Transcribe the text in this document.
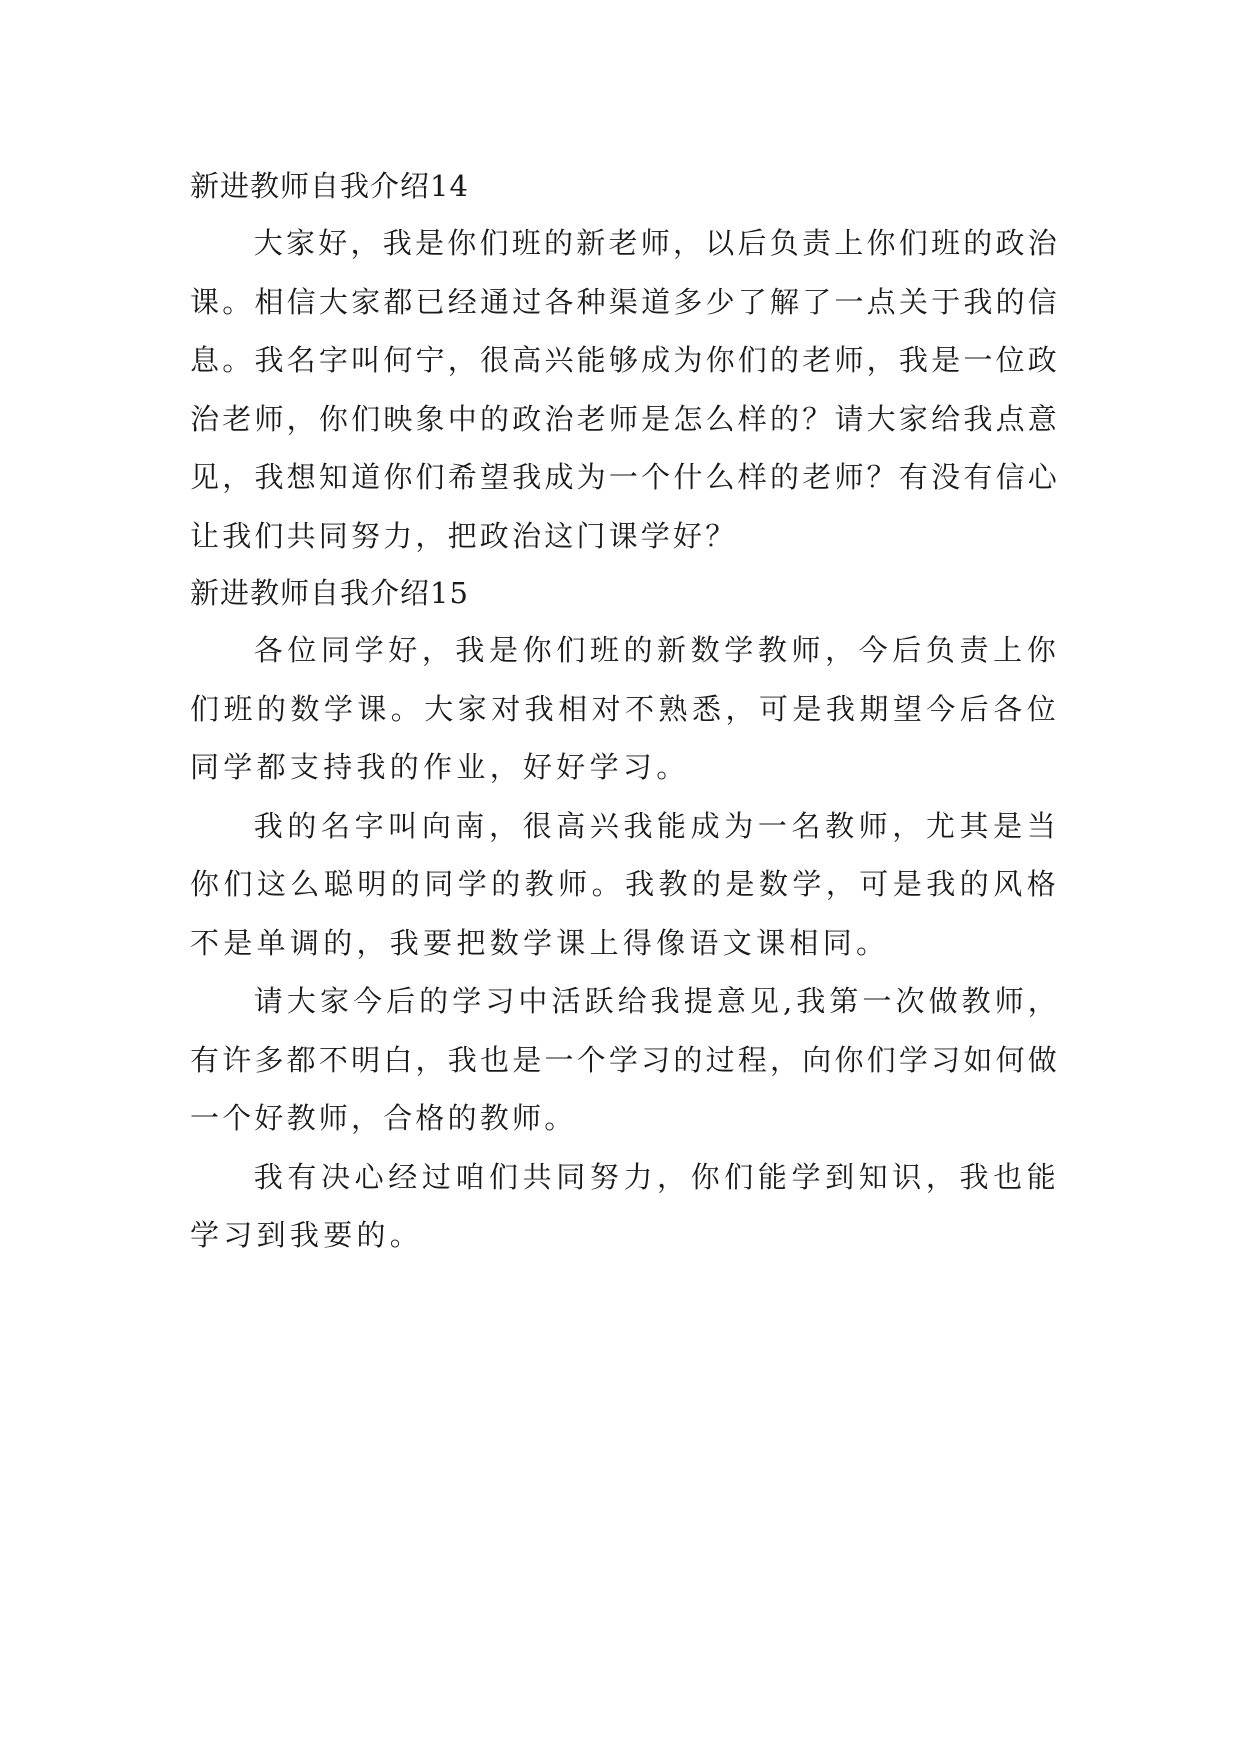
新进教师自我介绍14

大家好，我是你们班的新老师，以后负责上你们班的政治课。相信大家都已经通过各种渠道多少了解了一点关于我的信息。我名字叫何宁，很高兴能够成为你们的老师，我是一位政治老师，你们映象中的政治老师是怎么样的？请大家给我点意见，我想知道你们希望我成为一个什么样的老师？有没有信心让我们共同努力，把政治这门课学好？

新进教师自我介绍15

各位同学好，我是你们班的新数学教师，今后负责上你们班的数学课。大家对我相对不熟悉，可是我期望今后各位同学都支持我的作业，好好学习。

我的名字叫向南，很高兴我能成为一名教师，尤其是当你们这么聪明的同学的教师。我教的是数学，可是我的风格不是单调的，我要把数学课上得像语文课相同。

请大家今后的学习中活跃给我提意见,我第一次做教师，有许多都不明白，我也是一个学习的过程，向你们学习如何做一个好教师，合格的教师。

我有决心经过咱们共同努力，你们能学到知识，我也能学习到我要的。
